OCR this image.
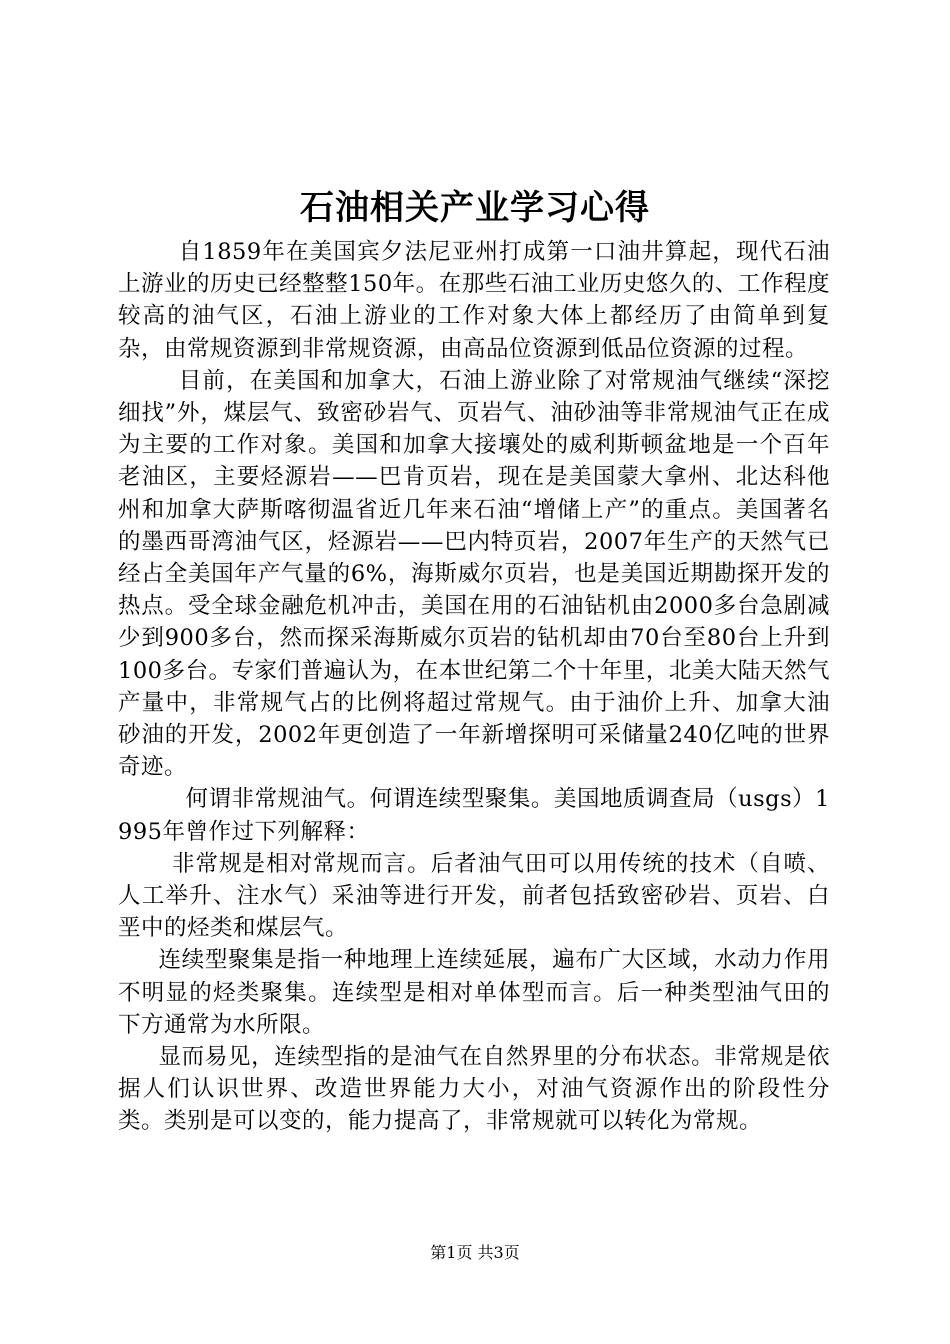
石油相关产业学习心得

自1859年在美国宾夕法尼亚州打成第一口油井算起，现代石油上游业的历史已经整整150年。在那些石油工业历史悠久的、工作程度较高的油气区，石油上游业的工作对象大体上都经历了由简单到复杂，由常规资源到非常规资源，由高品位资源到低品位资源的过程。

目前，在美国和加拿大，石油上游业除了对常规油气继续“深挖细找”外，煤层气、致密砂岩气、页岩气、油砂油等非常规油气正在成为主要的工作对象。美国和加拿大接壤处的威利斯顿盆地是一个百年老油区，主要烃源岩——巴肯页岩，现在是美国蒙大拿州、北达科他州和加拿大萨斯喀彻温省近几年来石油“增储上产”的重点。美国著名的墨西哥湾油气区，烃源岩——巴内特页岩，2007年生产的天然气已经占全美国年产气量的6%，海斯威尔页岩，也是美国近期勘探开发的热点。受全球金融危机冲击，美国在用的石油钻机由2000多台急剧减少到900多台，然而探采海斯威尔页岩的钻机却由70台至80台上升到100多台。专家们普遍认为，在本世纪第二个十年里，北美大陆天然气产量中，非常规气占的比例将超过常规气。由于油价上升、加拿大油砂油的开发，2002年更创造了一年新增探明可采储量240亿吨的世界奇迹。

何谓非常规油气。何谓连续型聚集。美国地质调查局（usgs）1995年曾作过下列解释：

非常规是相对常规而言。后者油气田可以用传统的技术（自喷、人工举升、注水气）采油等进行开发，前者包括致密砂岩、页岩、白垩中的烃类和煤层气。

连续型聚集是指一种地理上连续延展，遍布广大区域，水动力作用不明显的烃类聚集。连续型是相对单体型而言。后一种类型油气田的下方通常为水所限。

显而易见，连续型指的是油气在自然界里的分布状态。非常规是依据人们认识世界、改造世界能力大小，对油气资源作出的阶段性分类。类别是可以变的，能力提高了，非常规就可以转化为常规。

第1页 共3页
